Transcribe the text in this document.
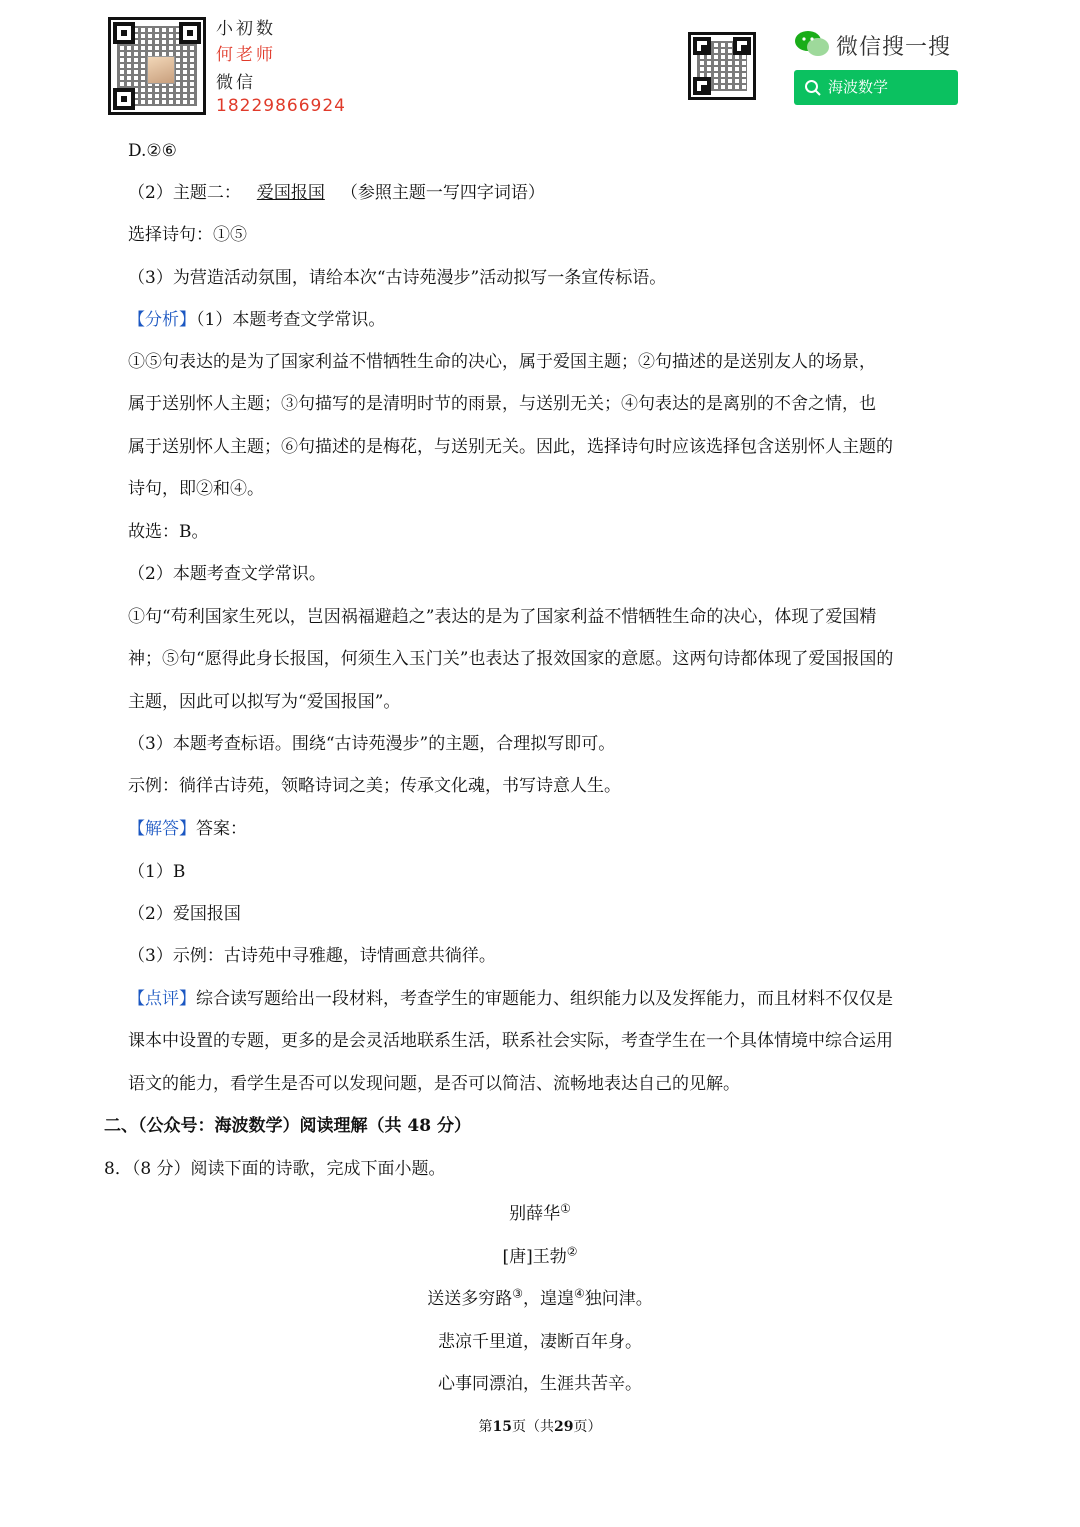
小初数
何老师
微信
18229866924
微信搜一搜
海波数学
D.②⑥
（2）主题二： 爱国报国 （参照主题一写四字词语）
选择诗句：①⑤
（3）为营造活动氛围，请给本次“古诗苑漫步”活动拟写一条宣传标语。
【分析】（1）本题考查文学常识。
①⑤句表达的是为了国家利益不惜牺牲生命的决心，属于爱国主题；②句描述的是送别友人的场景，
属于送别怀人主题；③句描写的是清明时节的雨景，与送别无关；④句表达的是离别的不舍之情，也
属于送别怀人主题；⑥句描述的是梅花，与送别无关。因此，选择诗句时应该选择包含送别怀人主题的
诗句，即②和④。
故选：B。
（2）本题考查文学常识。
①句“苟利国家生死以，岂因祸福避趋之”表达的是为了国家利益不惜牺牲生命的决心，体现了爱国精
神；⑤句“愿得此身长报国，何须生入玉门关”也表达了报效国家的意愿。这两句诗都体现了爱国报国的
主题，因此可以拟写为“爱国报国”。
（3）本题考查标语。围绕“古诗苑漫步”的主题，合理拟写即可。
示例：徜徉古诗苑，领略诗词之美；传承文化魂，书写诗意人生。
【解答】答案：
（1）B
（2）爱国报国
（3）示例：古诗苑中寻雅趣，诗情画意共徜徉。
【点评】综合读写题给出一段材料，考查学生的审题能力、组织能力以及发挥能力，而且材料不仅仅是
课本中设置的专题，更多的是会灵活地联系生活，联系社会实际，考查学生在一个具体情境中综合运用
语文的能力，看学生是否可以发现问题，是否可以简洁、流畅地表达自己的见解。
二、（公众号：海波数学）阅读理解（共 48 分）
8．（8 分）阅读下面的诗歌，完成下面小题。
别薛华①
[唐]王勃②
送送多穷路③，遑遑④独问津。
悲凉千里道，凄断百年身。
心事同漂泊，生涯共苦辛。
第15页（共29页）
